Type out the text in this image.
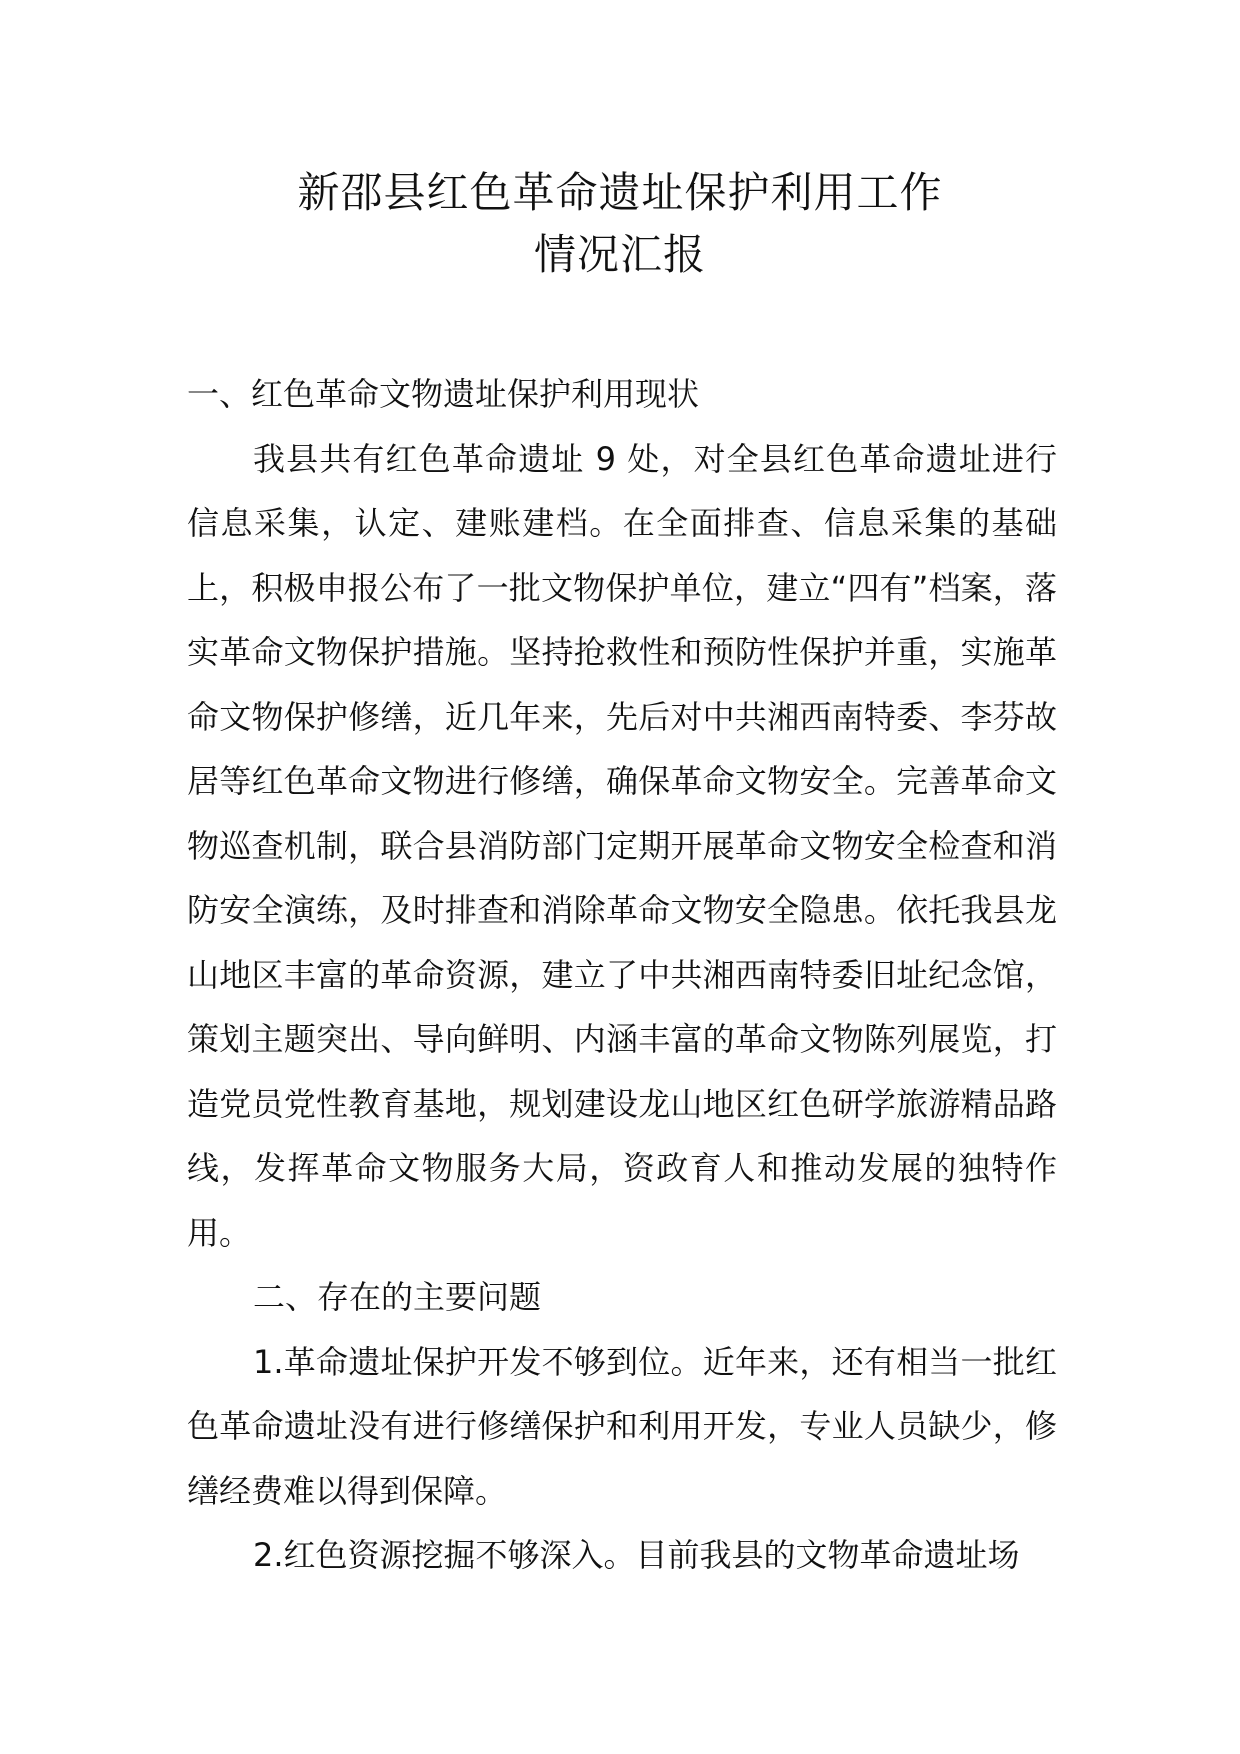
新邵县红色革命遗址保护利用工作
情况汇报

一、红色革命文物遗址保护利用现状

我县共有红色革命遗址 9 处，对全县红色革命遗址进行信息采集，认定、建账建档。在全面排查、信息采集的基础上，积极申报公布了一批文物保护单位，建立“四有”档案，落实革命文物保护措施。坚持抢救性和预防性保护并重，实施革命文物保护修缮，近几年来，先后对中共湘西南特委、李芬故居等红色革命文物进行修缮，确保革命文物安全。完善革命文物巡查机制，联合县消防部门定期开展革命文物安全检查和消防安全演练，及时排查和消除革命文物安全隐患。依托我县龙山地区丰富的革命资源，建立了中共湘西南特委旧址纪念馆，策划主题突出、导向鲜明、内涵丰富的革命文物陈列展览，打造党员党性教育基地，规划建设龙山地区红色研学旅游精品路线，发挥革命文物服务大局，资政育人和推动发展的独特作用。

二、存在的主要问题

1.革命遗址保护开发不够到位。近年来，还有相当一批红色革命遗址没有进行修缮保护和利用开发，专业人员缺少，修缮经费难以得到保障。

2.红色资源挖掘不够深入。目前我县的文物革命遗址场
